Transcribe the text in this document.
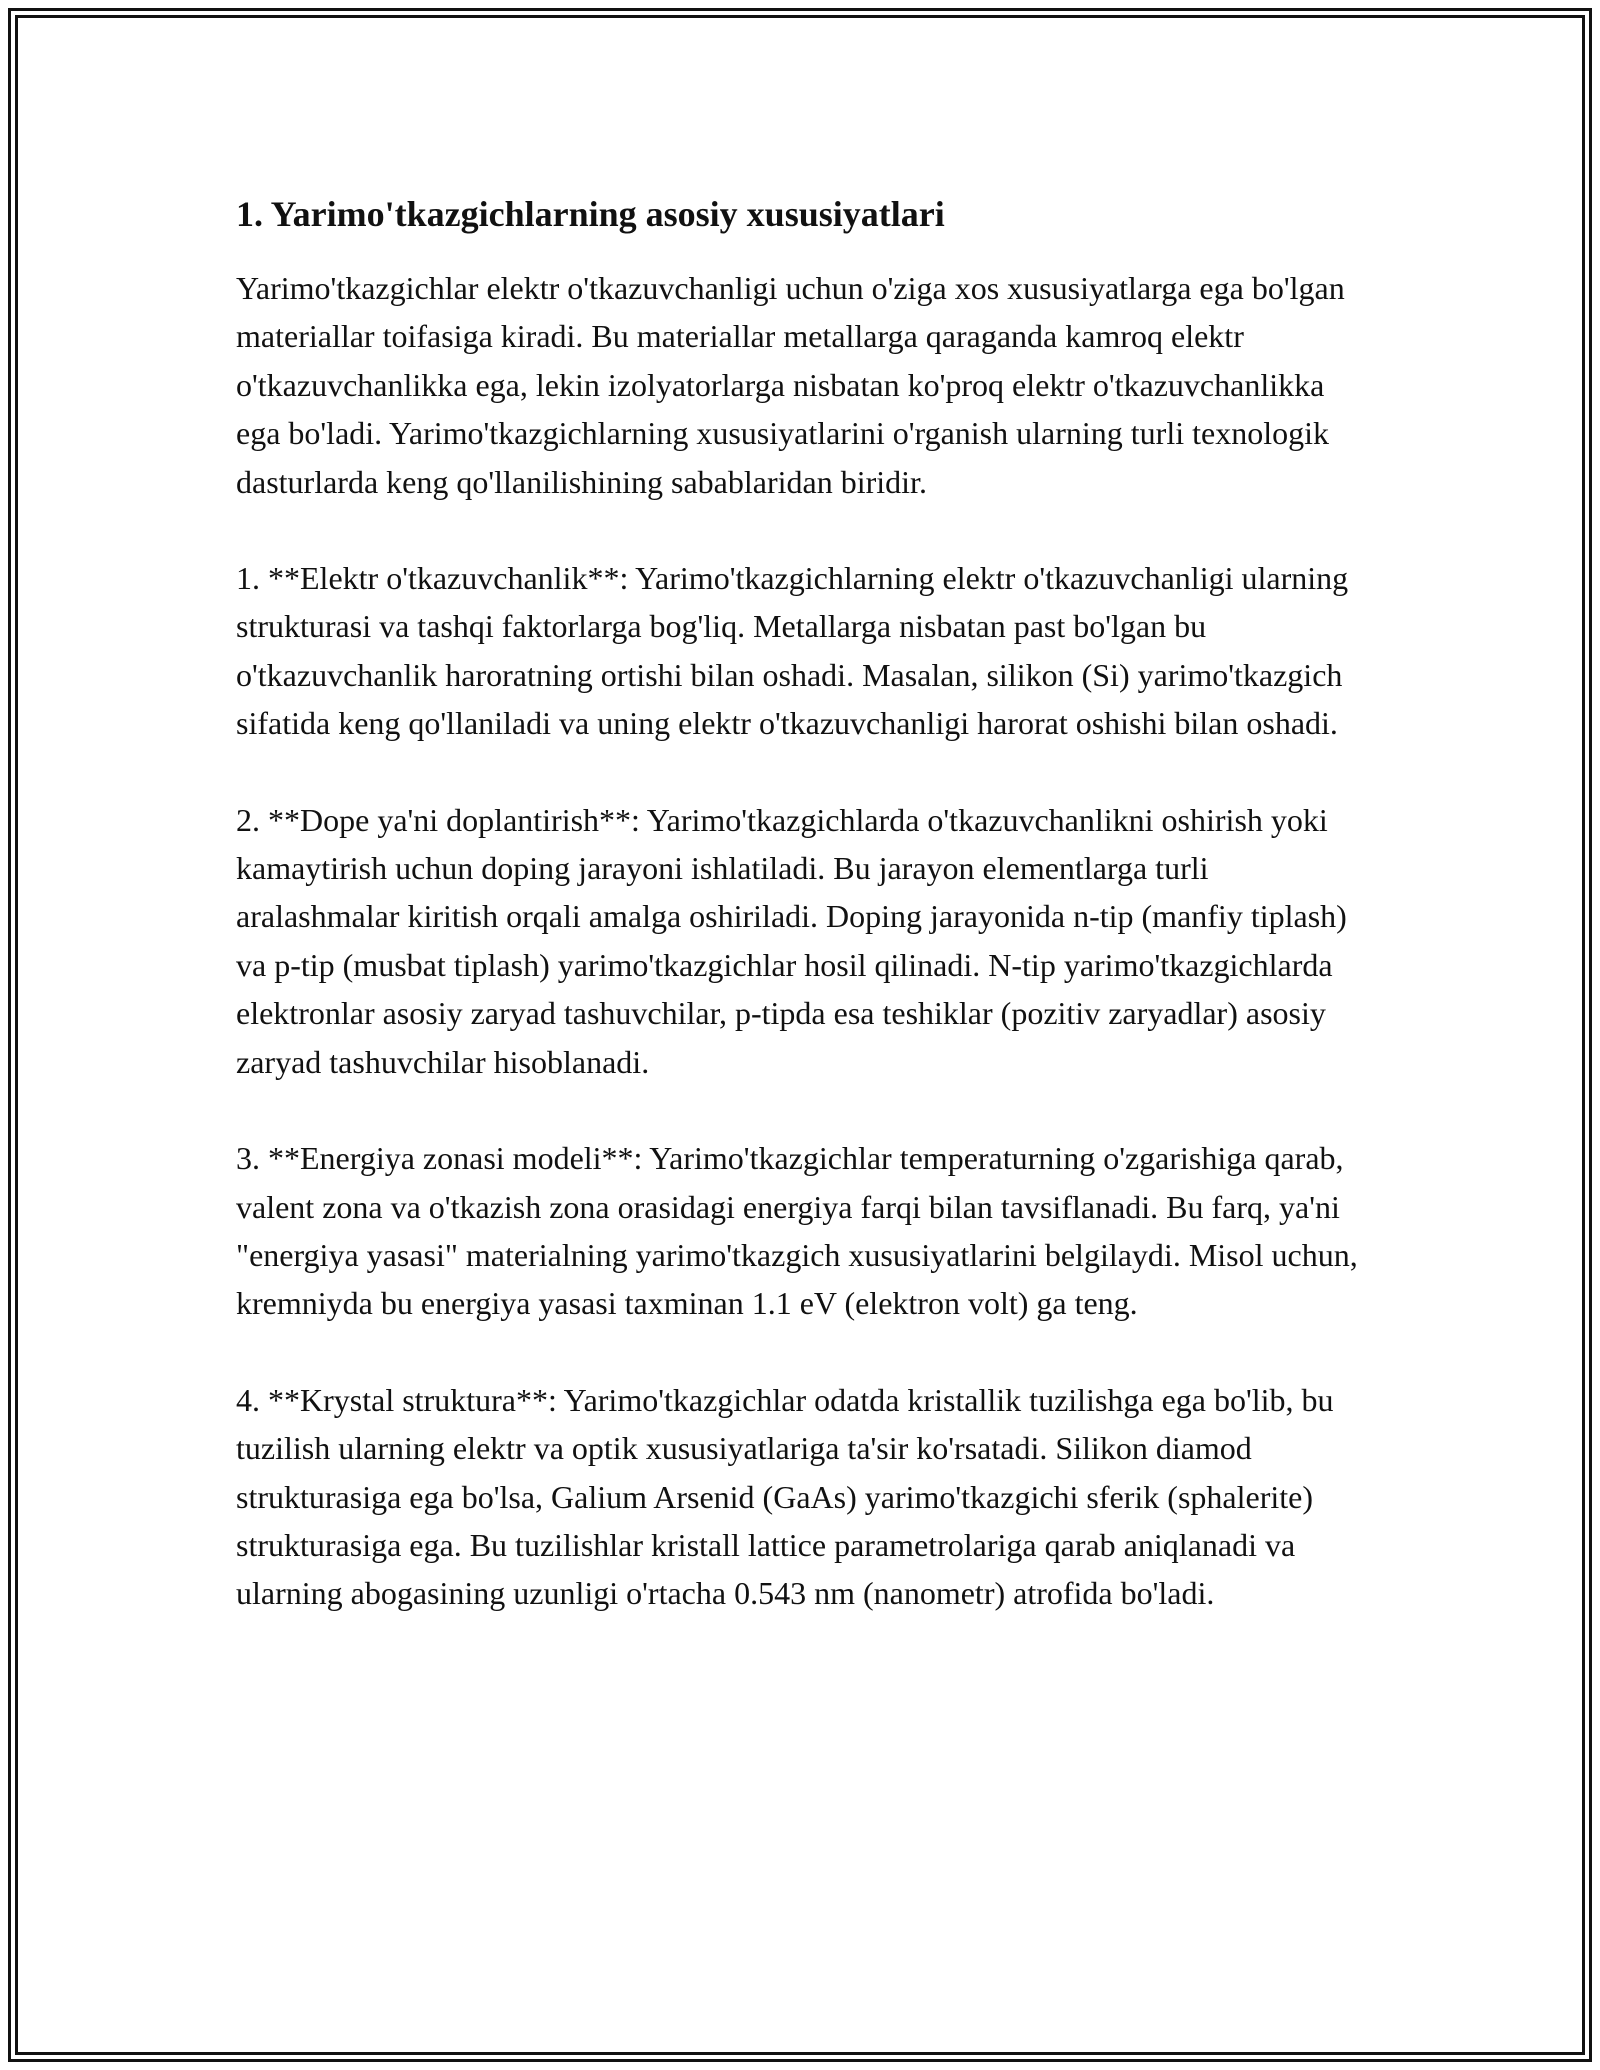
1. Yarimo'tkazgichlarning asosiy xususiyatlari

Yarimo'tkazgichlar elektr o'tkazuvchanligi uchun o'ziga xos xususiyatlarga ega bo'lgan materiallar toifasiga kiradi. Bu materiallar metallarga qaraganda kamroq elektr o'tkazuvchanlikka ega, lekin izolyatorlarga nisbatan ko'proq elektr o'tkazuvchanlikka ega bo'ladi. Yarimo'tkazgichlarning xususiyatlarini o'rganish ularning turli texnologik dasturlarda keng qo'llanilishining sabablaridan biridir.

1. **Elektr o'tkazuvchanlik**: Yarimo'tkazgichlarning elektr o'tkazuvchanligi ularning strukturasi va tashqi faktorlarga bog'liq. Metallarga nisbatan past bo'lgan bu o'tkazuvchanlik haroratning ortishi bilan oshadi. Masalan, silikon (Si) yarimo'tkazgich sifatida keng qo'llaniladi va uning elektr o'tkazuvchanligi harorat oshishi bilan oshadi.

2. **Dope ya'ni doplantirish**: Yarimo'tkazgichlarda o'tkazuvchanlikni oshirish yoki kamaytirish uchun doping jarayoni ishlatiladi. Bu jarayon elementlarga turli aralashmalar kiritish orqali amalga oshiriladi. Doping jarayonida n-tip (manfiy tiplash) va p-tip (musbat tiplash) yarimo'tkazgichlar hosil qilinadi. N-tip yarimo'tkazgichlarda elektronlar asosiy zaryad tashuvchilar, p-tipda esa teshiklar (pozitiv zaryadlar) asosiy zaryad tashuvchilar hisoblanadi.

3. **Energiya zonasi modeli**: Yarimo'tkazgichlar temperaturning o'zgarishiga qarab, valent zona va o'tkazish zona orasidagi energiya farqi bilan tavsiflanadi. Bu farq, ya'ni "energiya yasasi" materialning yarimo'tkazgich xususiyatlarini belgilaydi. Misol uchun, kremniyda bu energiya yasasi taxminan 1.1 eV (elektron volt) ga teng.

4. **Krystal struktura**: Yarimo'tkazgichlar odatda kristallik tuzilishga ega bo'lib, bu tuzilish ularning elektr va optik xususiyatlariga ta'sir ko'rsatadi. Silikon diamod strukturasiga ega bo'lsa, Galium Arsenid (GaAs) yarimo'tkazgichi sferik (sphalerite) strukturasiga ega. Bu tuzilishlar kristall lattice parametrolariga qarab aniqlanadi va ularning abogasining uzunligi o'rtacha 0.543 nm (nanometr) atrofida bo'ladi.
